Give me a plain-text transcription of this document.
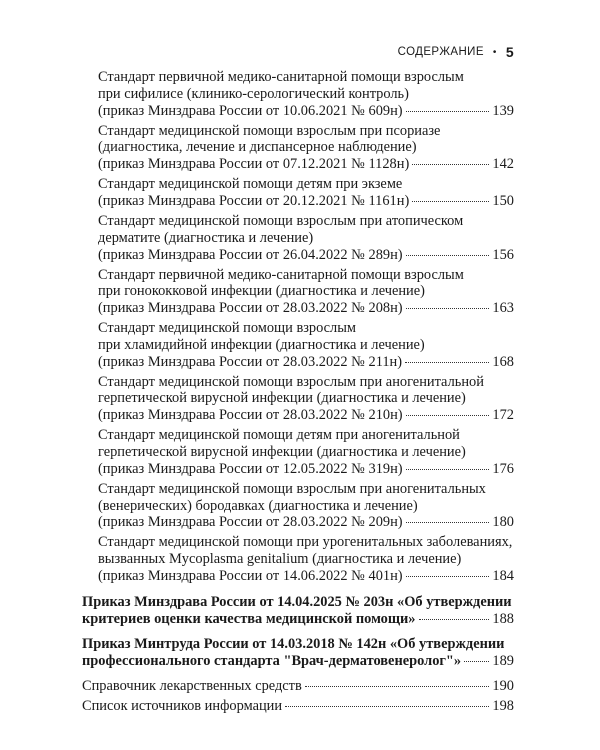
СОДЕРЖАНИЕ • 5
Стандарт первичной медико-санитарной помощи взрослым
при сифилисе (клинико-серологический контроль)
(приказ Минздрава России от 10.06.2021 № 609н)	139
Стандарт медицинской помощи взрослым при псориазе
(диагностика, лечение и диспансерное наблюдение)
(приказ Минздрава России от 07.12.2021 № 1128н)	142
Стандарт медицинской помощи детям при экземе
(приказ Минздрава России от 20.12.2021 № 1161н)	150
Стандарт медицинской помощи взрослым при атопическом
дерматите (диагностика и лечение)
(приказ Минздрава России от 26.04.2022 № 289н)	156
Стандарт первичной медико-санитарной помощи взрослым
при гонококковой инфекции (диагностика и лечение)
(приказ Минздрава России от 28.03.2022 № 208н)	163
Стандарт медицинской помощи взрослым
при хламидийной инфекции (диагностика и лечение)
(приказ Минздрава России от 28.03.2022 № 211н)	168
Стандарт медицинской помощи взрослым при аногенитальной
герпетической вирусной инфекции (диагностика и лечение)
(приказ Минздрава России от 28.03.2022 № 210н)	172
Стандарт медицинской помощи детям при аногенитальной
герпетической вирусной инфекции (диагностика и лечение)
(приказ Минздрава России от 12.05.2022 № 319н)	176
Стандарт медицинской помощи взрослым при аногенитальных
(венерических) бородавках (диагностика и лечение)
(приказ Минздрава России от 28.03.2022 № 209н)	180
Стандарт медицинской помощи при урогенитальных заболеваниях,
вызванных Mycoplasma genitalium (диагностика и лечение)
(приказ Минздрава России от 14.06.2022 № 401н)	184
Приказ Минздрава России от 14.04.2025 № 203н «Об утверждении
критериев оценки качества медицинской помощи»	188
Приказ Минтруда России от 14.03.2018 № 142н «Об утверждении
профессионального стандарта "Врач-дерматовенеролог"» 189
Справочник лекарственных средств	190
Список источников информации	198
